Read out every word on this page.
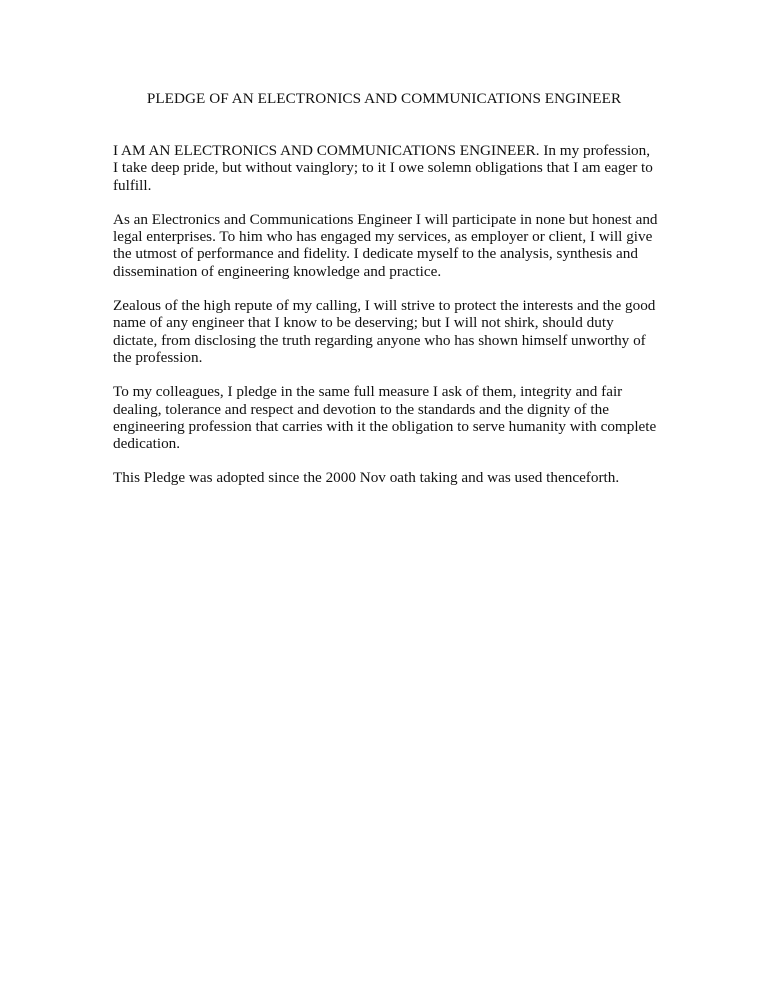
PLEDGE OF AN ELECTRONICS AND COMMUNICATIONS ENGINEER

I AM AN ELECTRONICS AND COMMUNICATIONS ENGINEER. In my profession, I take deep pride, but without vainglory; to it I owe solemn obligations that I am eager to fulfill.

As an Electronics and Communications Engineer I will participate in none but honest and legal enterprises. To him who has engaged my services, as employer or client, I will give the utmost of performance and fidelity. I dedicate myself to the analysis, synthesis and dissemination of engineering knowledge and practice.

Zealous of the high repute of my calling, I will strive to protect the interests and the good name of any engineer that I know to be deserving; but I will not shirk, should duty dictate, from disclosing the truth regarding anyone who has shown himself unworthy of the profession.

To my colleagues, I pledge in the same full measure I ask of them, integrity and fair dealing, tolerance and respect and devotion to the standards and the dignity of the engineering profession that carries with it the obligation to serve humanity with complete dedication.

This Pledge was adopted since the 2000 Nov oath taking and was used thenceforth.
